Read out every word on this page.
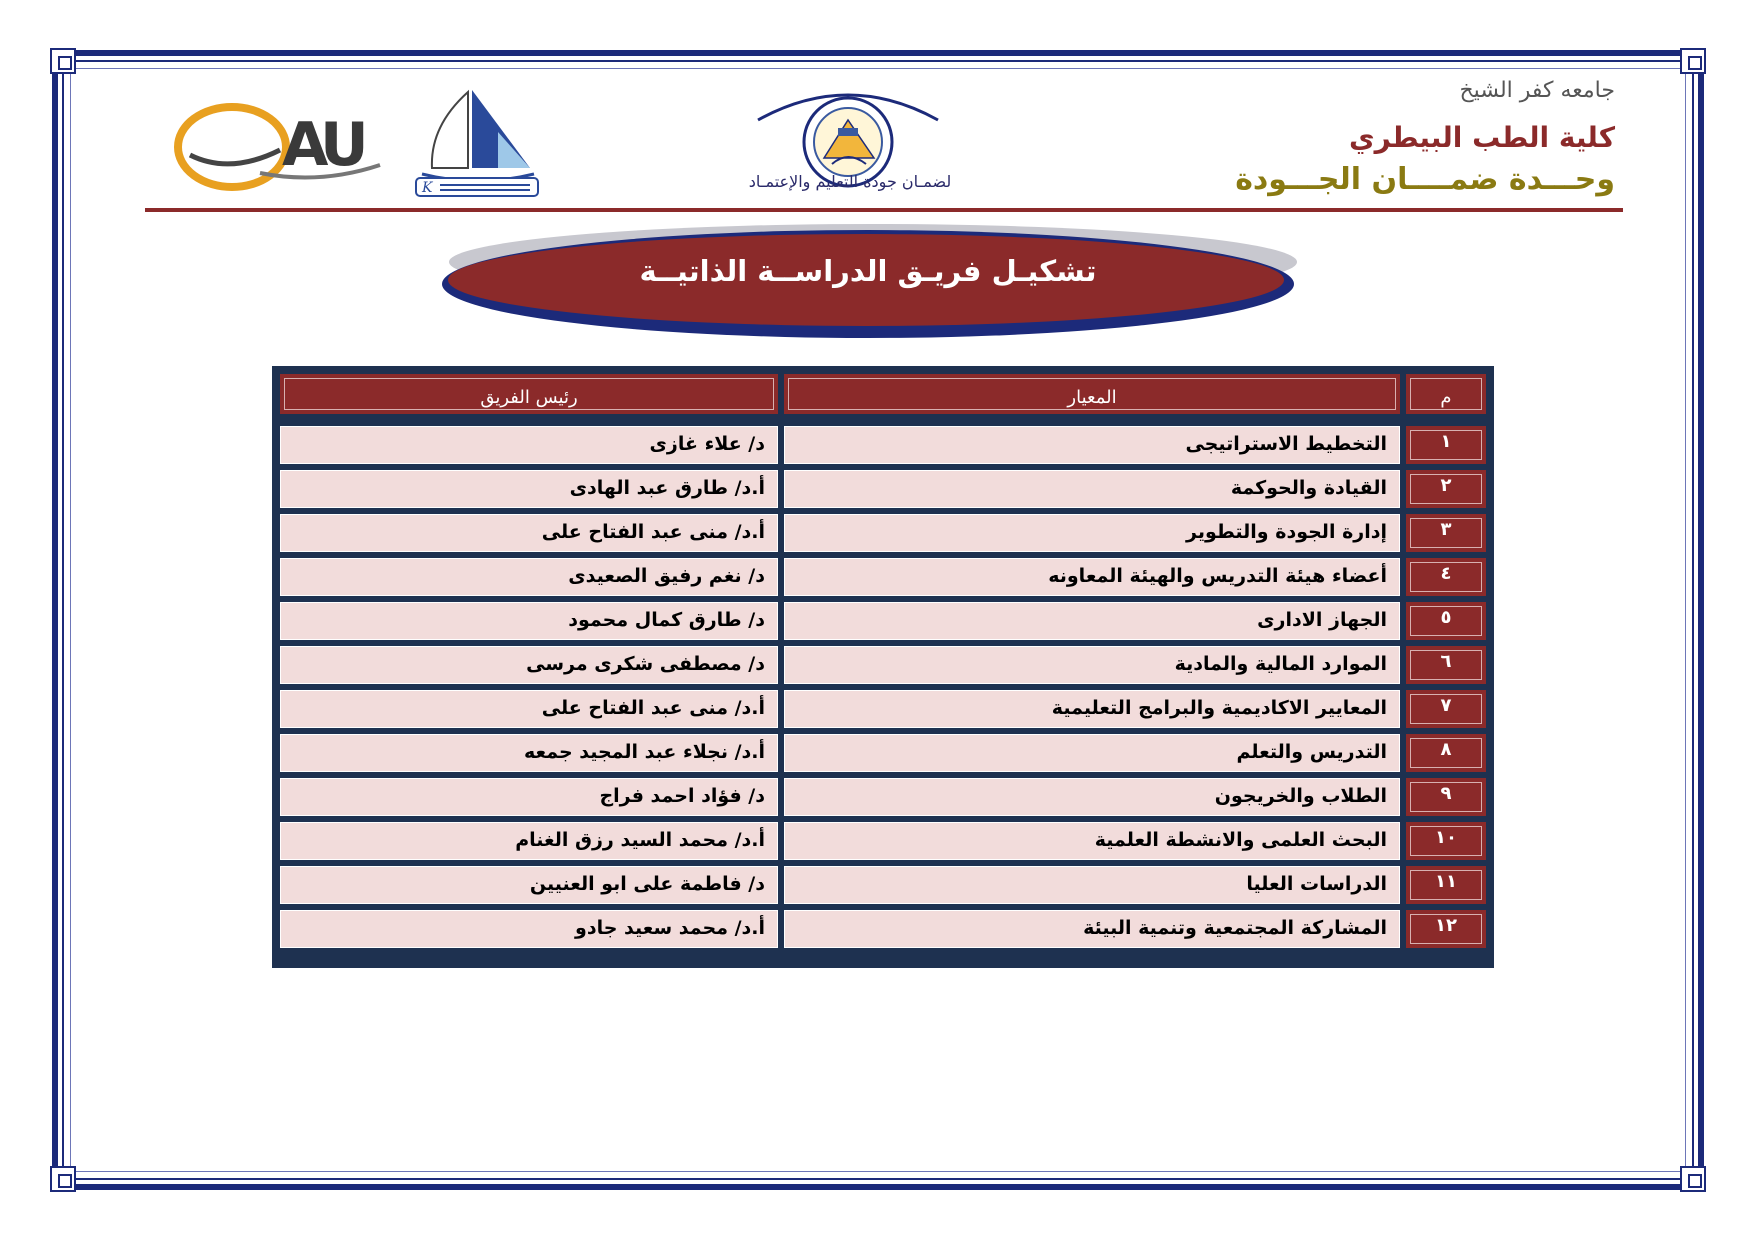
جامعه كفر الشيخ
كلية الطب البيطري
وحـــدة ضمــــان الجـــودة
لضمـان جودة التعليم والإعتمـاد
A
U
K
تشكيـل فريـق الدراســة الذاتيــة
م
المعيار
رئيس الفريق
١
التخطيط الاستراتيجى
د/ علاء غازى
٢
القيادة والحوكمة
أ.د/ طارق عبد الهادى
٣
إدارة الجودة والتطوير
أ.د/ منى عبد الفتاح على
٤
أعضاء هيئة التدريس والهيئة المعاونه
د/ نغم رفيق الصعيدى
٥
الجهاز الادارى
د/ طارق كمال محمود
٦
الموارد المالية والمادية
د/ مصطفى شكرى مرسى
٧
المعايير الاكاديمية والبرامج التعليمية
أ.د/ منى عبد الفتاح على
٨
التدريس والتعلم
أ.د/ نجلاء عبد المجيد جمعه
٩
الطلاب والخريجون
د/ فؤاد احمد فراج
١٠
البحث العلمى والانشطة العلمية
أ.د/ محمد السيد رزق الغنام
١١
الدراسات العليا
د/ فاطمة على ابو العنيين
١٢
المشاركة المجتمعية وتنمية البيئة
أ.د/ محمد سعيد جادو
